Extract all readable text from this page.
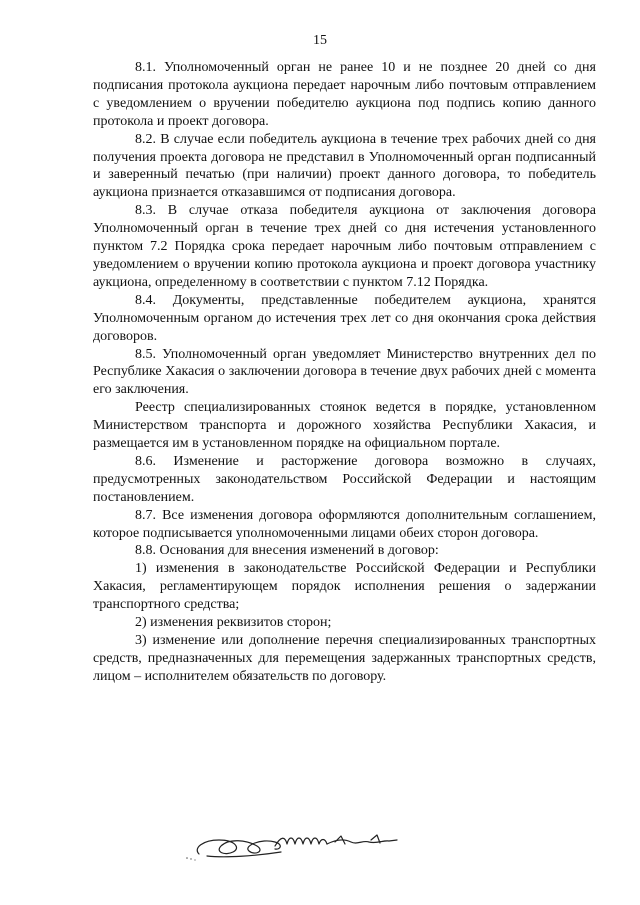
15

8.1. Уполномоченный орган не ранее 10 и не позднее 20 дней со дня подписания протокола аукциона передает нарочным либо почтовым отправлением с уведомлением о вручении победителю аукциона под подпись копию данного протокола и проект договора.

8.2. В случае если победитель аукциона в течение трех рабочих дней со дня получения проекта договора не представил в Уполномоченный орган подписанный и заверенный печатью (при наличии) проект данного договора, то победитель аукциона признается отказавшимся от подписания договора.

8.3. В случае отказа победителя аукциона от заключения договора Уполномоченный орган в течение трех дней со дня истечения установленного пунктом 7.2 Порядка срока передает нарочным либо почтовым отправлением с уведомлением о вручении копию протокола аукциона и проект договора участнику аукциона, определенному в соответствии с пунктом 7.12 Порядка.

8.4. Документы, представленные победителем аукциона, хранятся Уполномоченным органом до истечения трех лет со дня окончания срока действия договоров.

8.5. Уполномоченный орган уведомляет Министерство внутренних дел по Республике Хакасия о заключении договора в течение двух рабочих дней с момента его заключения.

Реестр специализированных стоянок ведется в порядке, установленном Министерством транспорта и дорожного хозяйства Республики Хакасия, и размещается им в установленном порядке на официальном портале.

8.6. Изменение и расторжение договора возможно в случаях, предусмотренных законодательством Российской Федерации и настоящим постановлением.

8.7. Все изменения договора оформляются дополнительным соглашением, которое подписывается уполномоченными лицами обеих сторон договора.

8.8. Основания для внесения изменений в договор:

1) изменения в законодательстве Российской Федерации и Республики Хакасия, регламентирующем порядок исполнения решения о задержании транспортного средства;

2) изменения реквизитов сторон;

3) изменение или дополнение перечня специализированных транспортных средств, предназначенных для перемещения задержанных транспортных средств, лицом – исполнителем обязательств по договору.
